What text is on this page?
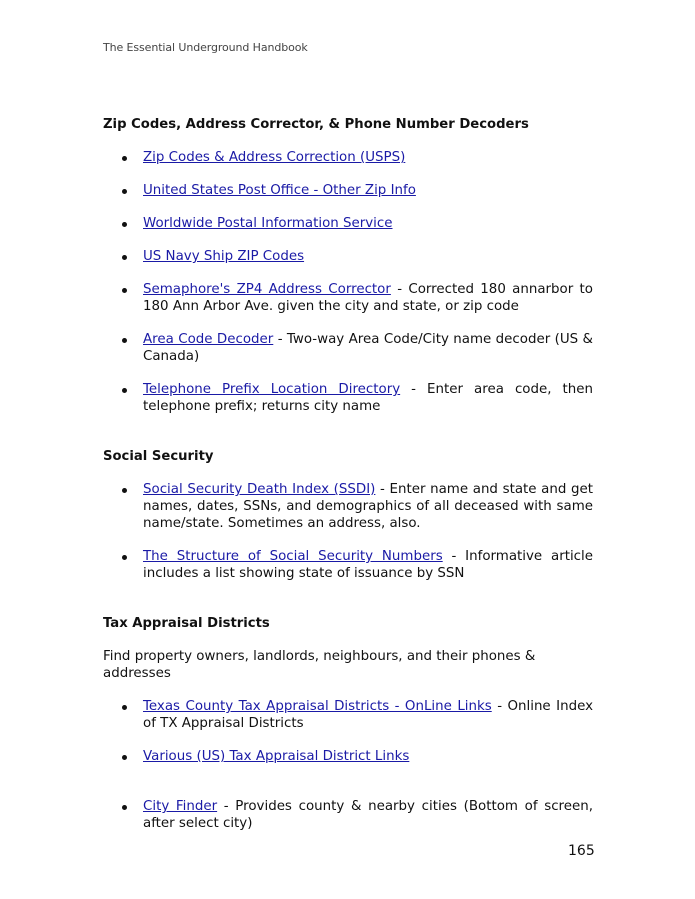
The Essential Underground Handbook
Zip Codes, Address Corrector, & Phone Number Decoders
Zip Codes & Address Correction (USPS)
United States Post Office - Other Zip Info
Worldwide Postal Information Service
US Navy Ship ZIP Codes
Semaphore's ZP4 Address Corrector - Corrected 180 annarbor to 180 Ann Arbor Ave. given the city and state, or zip code
Area Code Decoder - Two-way Area Code/City name decoder (US & Canada)
Telephone Prefix Location Directory - Enter area code, then telephone prefix; returns city name
Social Security
Social Security Death Index (SSDI) - Enter name and state and get names, dates, SSNs, and demographics of all deceased with same name/state. Sometimes an address, also.
The Structure of Social Security Numbers - Informative article includes a list showing state of issuance by SSN
Tax Appraisal Districts

Find property owners, landlords, neighbours, and their phones & addresses

Texas County Tax Appraisal Districts - OnLine Links - Online Index of TX Appraisal Districts
Various (US) Tax Appraisal District Links
City Finder - Provides county & nearby cities (Bottom of screen, after select city)
165
